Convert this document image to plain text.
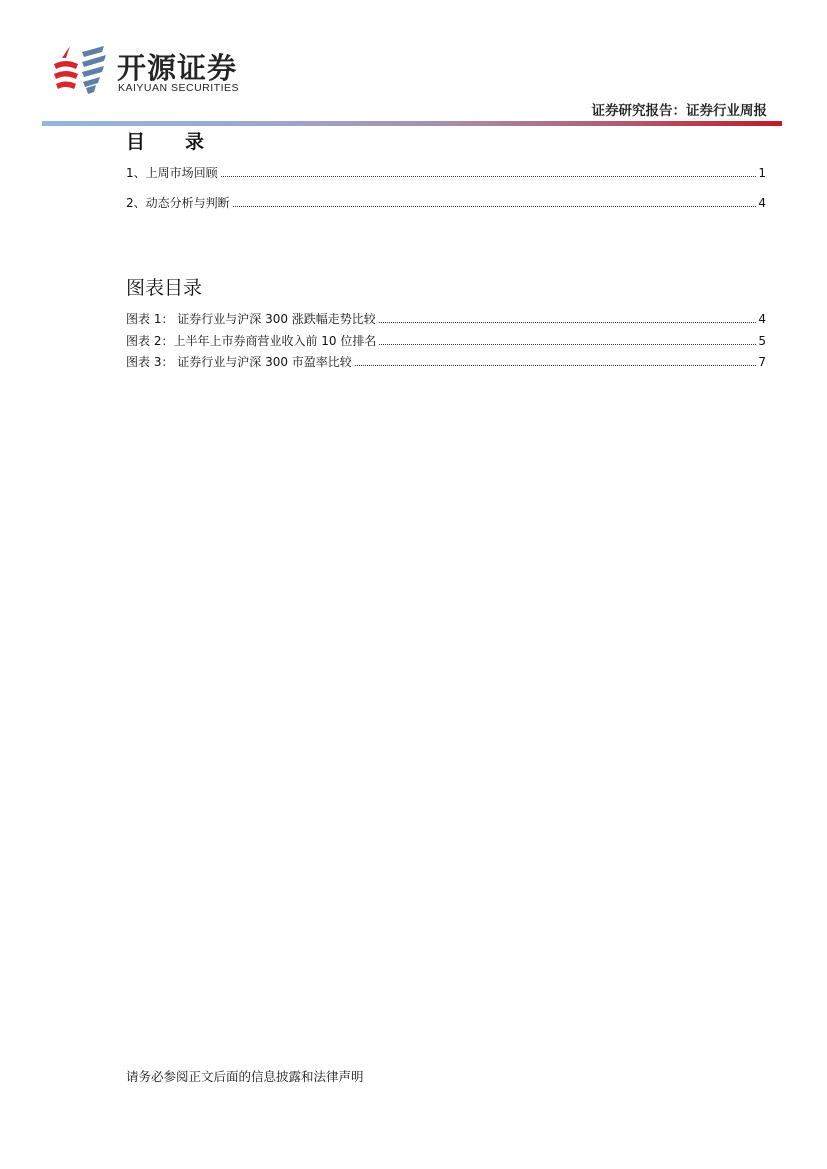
开源证券
KAIYUAN SECURITIES
证券研究报告：证券行业周报
目 录
1、上周市场回顾	1
2、动态分析与判断	4
图表目录
图表 1： 证券行业与沪深 300 涨跌幅走势比较	4
图表 2：上半年上市券商营业收入前 10 位排名	5
图表 3： 证券行业与沪深 300 市盈率比较	7
请务必参阅正文后面的信息披露和法律声明
